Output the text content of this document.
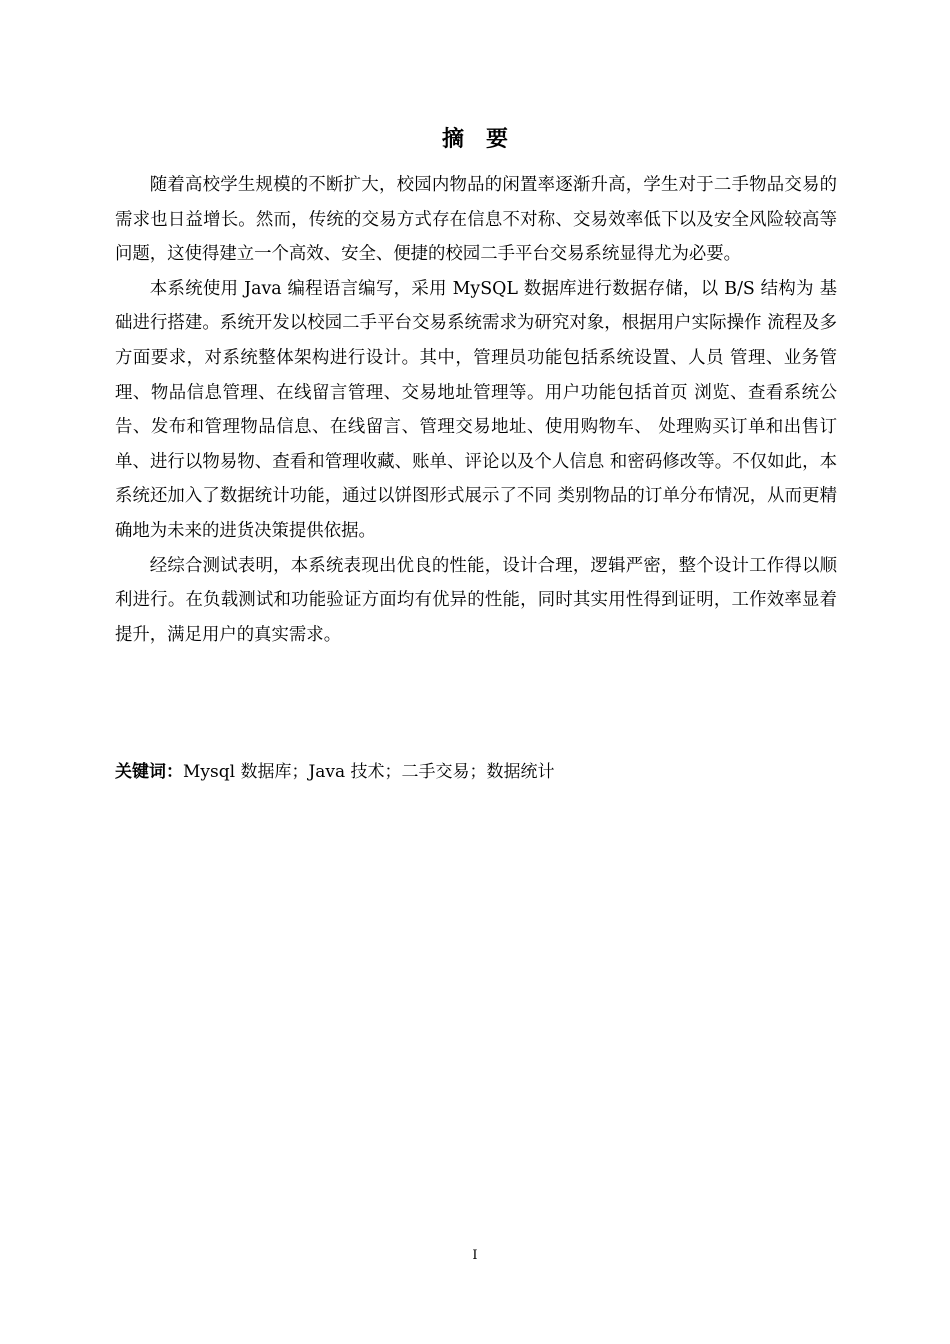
摘要

随着高校学生规模的不断扩大，校园内物品的闲置率逐渐升高，学生对于二手物品交易的需求也日益增长。然而，传统的交易方式存在信息不对称、交易效率低下以及安全风险较高等问题，这使得建立一个高效、安全、便捷的校园二手平台交易系统显得尤为必要。

本系统使用 Java 编程语言编写，采用 MySQL 数据库进行数据存储，以 B/S 结构为 基础进行搭建。系统开发以校园二手平台交易系统需求为研究对象，根据用户实际操作 流程及多方面要求，对系统整体架构进行设计。其中，管理员功能包括系统设置、人员 管理、业务管理、物品信息管理、在线留言管理、交易地址管理等。用户功能包括首页 浏览、查看系统公告、发布和管理物品信息、在线留言、管理交易地址、使用购物车、 处理购买订单和出售订单、进行以物易物、查看和管理收藏、账单、评论以及个人信息 和密码修改等。不仅如此，本系统还加入了数据统计功能，通过以饼图形式展示了不同 类别物品的订单分布情况，从而更精确地为未来的进货决策提供依据。

经综合测试表明，本系统表现出优良的性能，设计合理，逻辑严密，整个设计工作得以顺利进行。在负载测试和功能验证方面均有优异的性能，同时其实用性得到证明，工作效率显着提升，满足用户的真实需求。

关键词：Mysql 数据库；Java 技术；二手交易；数据统计
I
